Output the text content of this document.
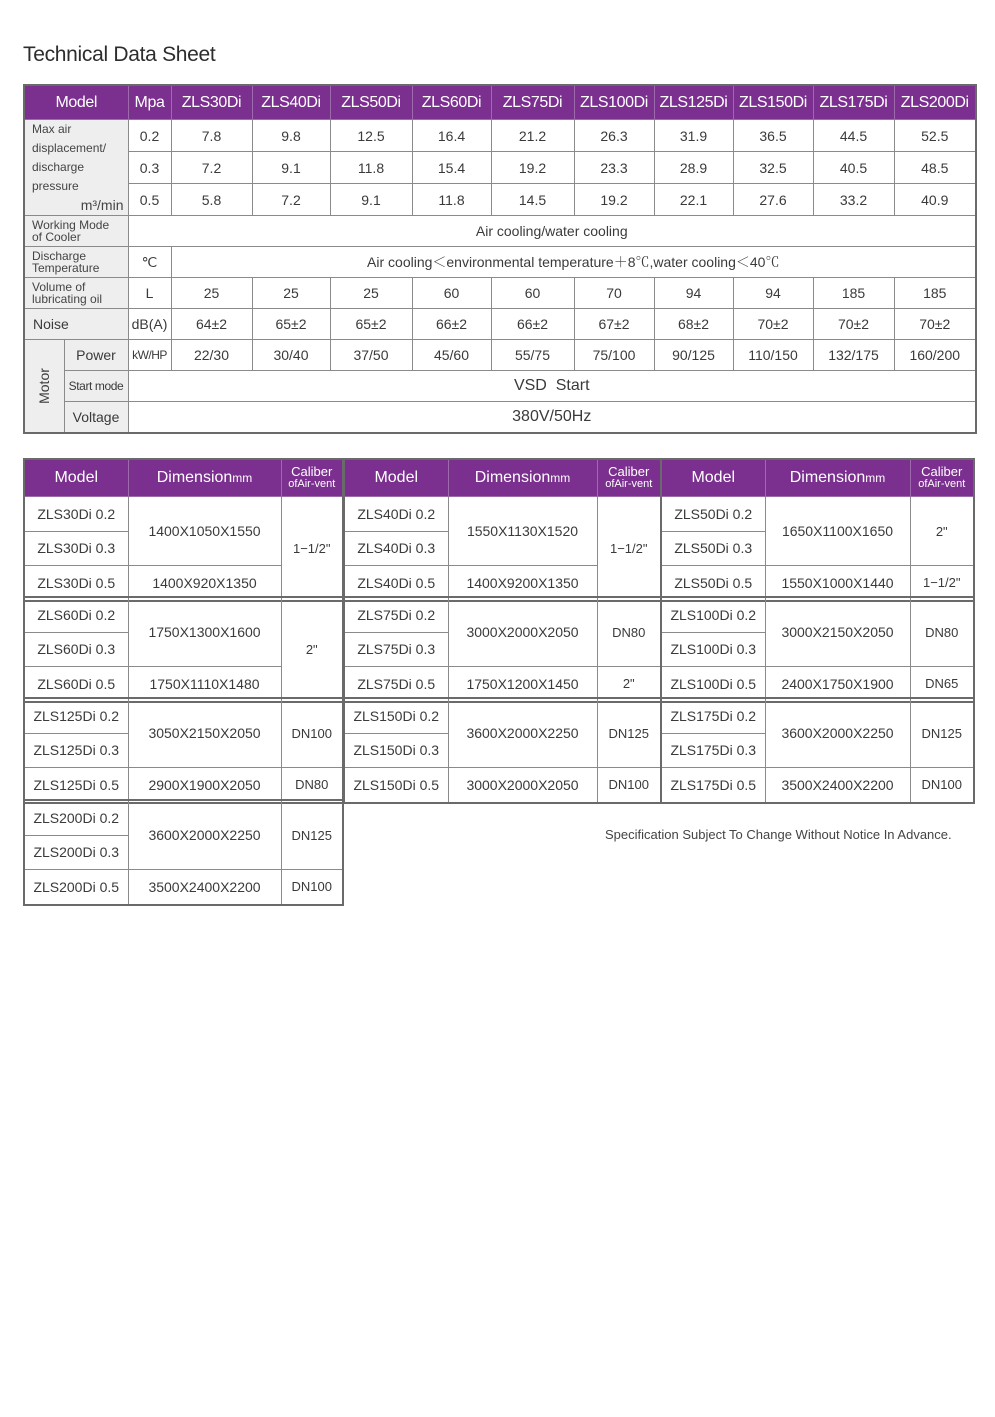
Technical Data Sheet
Model		Mpa	ZLS30Di	ZLS40Di	ZLS50Di	ZLS60Di	ZLS75Di	ZLS100Di	ZLS125Di	ZLS150Di	ZLS175Di	ZLS200Di

Max air
displacement/
discharge pressure
m³/min		0.2	7.8	9.8	12.5	16.4	21.2	26.3	31.9	36.5	44.5	52.5
		0.3	7.2	9.1	11.8	15.4	19.2	23.3	28.9	32.5	40.5	48.5
		0.5	5.8	7.2	9.1	11.8	14.5	19.2	22.1	27.6	33.2	40.9

Working Mode
of Cooler		Air cooling/water cooling										

Discharge
Temperature		℃	Air cooling＜environmental temperature＋8℃,water cooling＜40℃									

Volume of
lubricating oil		L	25	25	25	60	60	70	94	94	185	185
Noise		dB(A)	64±2	65±2	65±2	66±2	66±2	67±2	68±2	70±2	70±2	70±2
Motor	Power	kW/HP	22/30	30/40	37/50	45/60	55/75	75/100	90/125	110/150	132/175	160/200
	Start mode	VSD  Start										
	Voltage	380V/50Hz										
Model	Dimensionmm	Caliber
ofAir-vent

ZLS30Di 0.2	1400X1050X1550	1−1/2"
ZLS30Di 0.3		
ZLS30Di 0.5	1400X920X1350	
Model	Dimensionmm	Caliber
ofAir-vent

ZLS40Di 0.2	1550X1130X1520	1−1/2"
ZLS40Di 0.3		
ZLS40Di 0.5	1400X9200X1350	
Model	Dimensionmm	Caliber
ofAir-vent

ZLS50Di 0.2	1650X1100X1650	2"
ZLS50Di 0.3		
ZLS50Di 0.5	1550X1000X1440	1−1/2"
ZLS60Di 0.2	1750X1300X1600	2"
ZLS60Di 0.3		
ZLS60Di 0.5	1750X1110X1480	
ZLS75Di 0.2	3000X2000X2050	DN80
ZLS75Di 0.3		
ZLS75Di 0.5	1750X1200X1450	2"
ZLS100Di 0.2	3000X2150X2050	DN80
ZLS100Di 0.3		
ZLS100Di 0.5	2400X1750X1900	DN65
ZLS125Di 0.2	3050X2150X2050	DN100
ZLS125Di 0.3		
ZLS125Di 0.5	2900X1900X2050	DN80
ZLS150Di 0.2	3600X2000X2250	DN125
ZLS150Di 0.3		
ZLS150Di 0.5	3000X2000X2050	DN100
ZLS175Di 0.2	3600X2000X2250	DN125
ZLS175Di 0.3		
ZLS175Di 0.5	3500X2400X2200	DN100
ZLS200Di 0.2	3600X2000X2250	DN125
ZLS200Di 0.3		
ZLS200Di 0.5	3500X2400X2200	DN100
Specification Subject To Change Without Notice In Advance.
